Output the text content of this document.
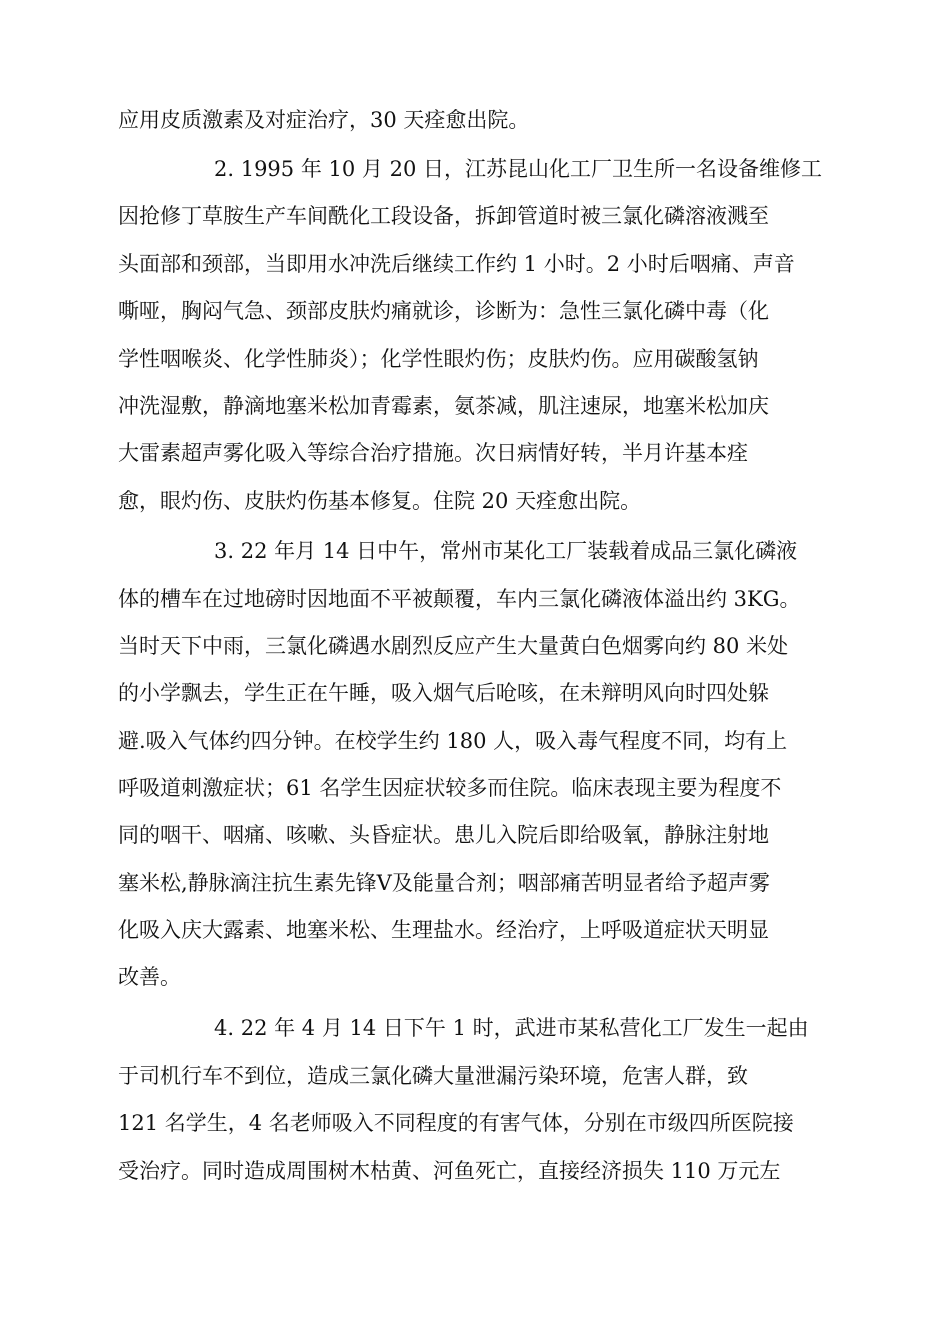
应用皮质激素及对症治疗，30 天痊愈出院。
2. 1995 年 10 月 20 日，江苏昆山化工厂卫生所一名设备维修工
因抢修丁草胺生产车间酰化工段设备，拆卸管道时被三氯化磷溶液溅至
头面部和颈部，当即用水冲洗后继续工作约 1 小时。2 小时后咽痛、声音
嘶哑，胸闷气急、颈部皮肤灼痛就诊，诊断为：急性三氯化磷中毒（化
学性咽喉炎、化学性肺炎）；化学性眼灼伤；皮肤灼伤。应用碳酸氢钠
冲洗湿敷，静滴地塞米松加青霉素，氨茶减，肌注速尿，地塞米松加庆
大雷素超声雾化吸入等综合治疗措施。次日病情好转，半月许基本痊
愈，眼灼伤、皮肤灼伤基本修复。住院 20 天痊愈出院。
3. 22 年月 14 日中午，常州市某化工厂装载着成品三氯化磷液
体的槽车在过地磅时因地面不平被颠覆，车内三氯化磷液体溢出约 3KG。
当时天下中雨，三氯化磷遇水剧烈反应产生大量黄白色烟雾向约 80 米处
的小学飘去，学生正在午睡，吸入烟气后呛咳，在未辩明风向时四处躲
避.吸入气体约四分钟。在校学生约 180 人，吸入毒气程度不同，均有上
呼吸道刺激症状；61 名学生因症状较多而住院。临床表现主要为程度不
同的咽干、咽痛、咳嗽、头昏症状。患儿入院后即给吸氧，静脉注射地
塞米松,静脉滴注抗生素先锋Ⅴ及能量合剂；咽部痛苦明显者给予超声雾
化吸入庆大露素、地塞米松、生理盐水。经治疗，上呼吸道症状天明显
改善。
4. 22 年 4 月 14 日下午 1 时，武进市某私营化工厂发生一起由
于司机行车不到位，造成三氯化磷大量泄漏污染环境，危害人群，致
121 名学生，4 名老师吸入不同程度的有害气体，分别在市级四所医院接
受治疗。同时造成周围树木枯黄、河鱼死亡，直接经济损失 110 万元左
